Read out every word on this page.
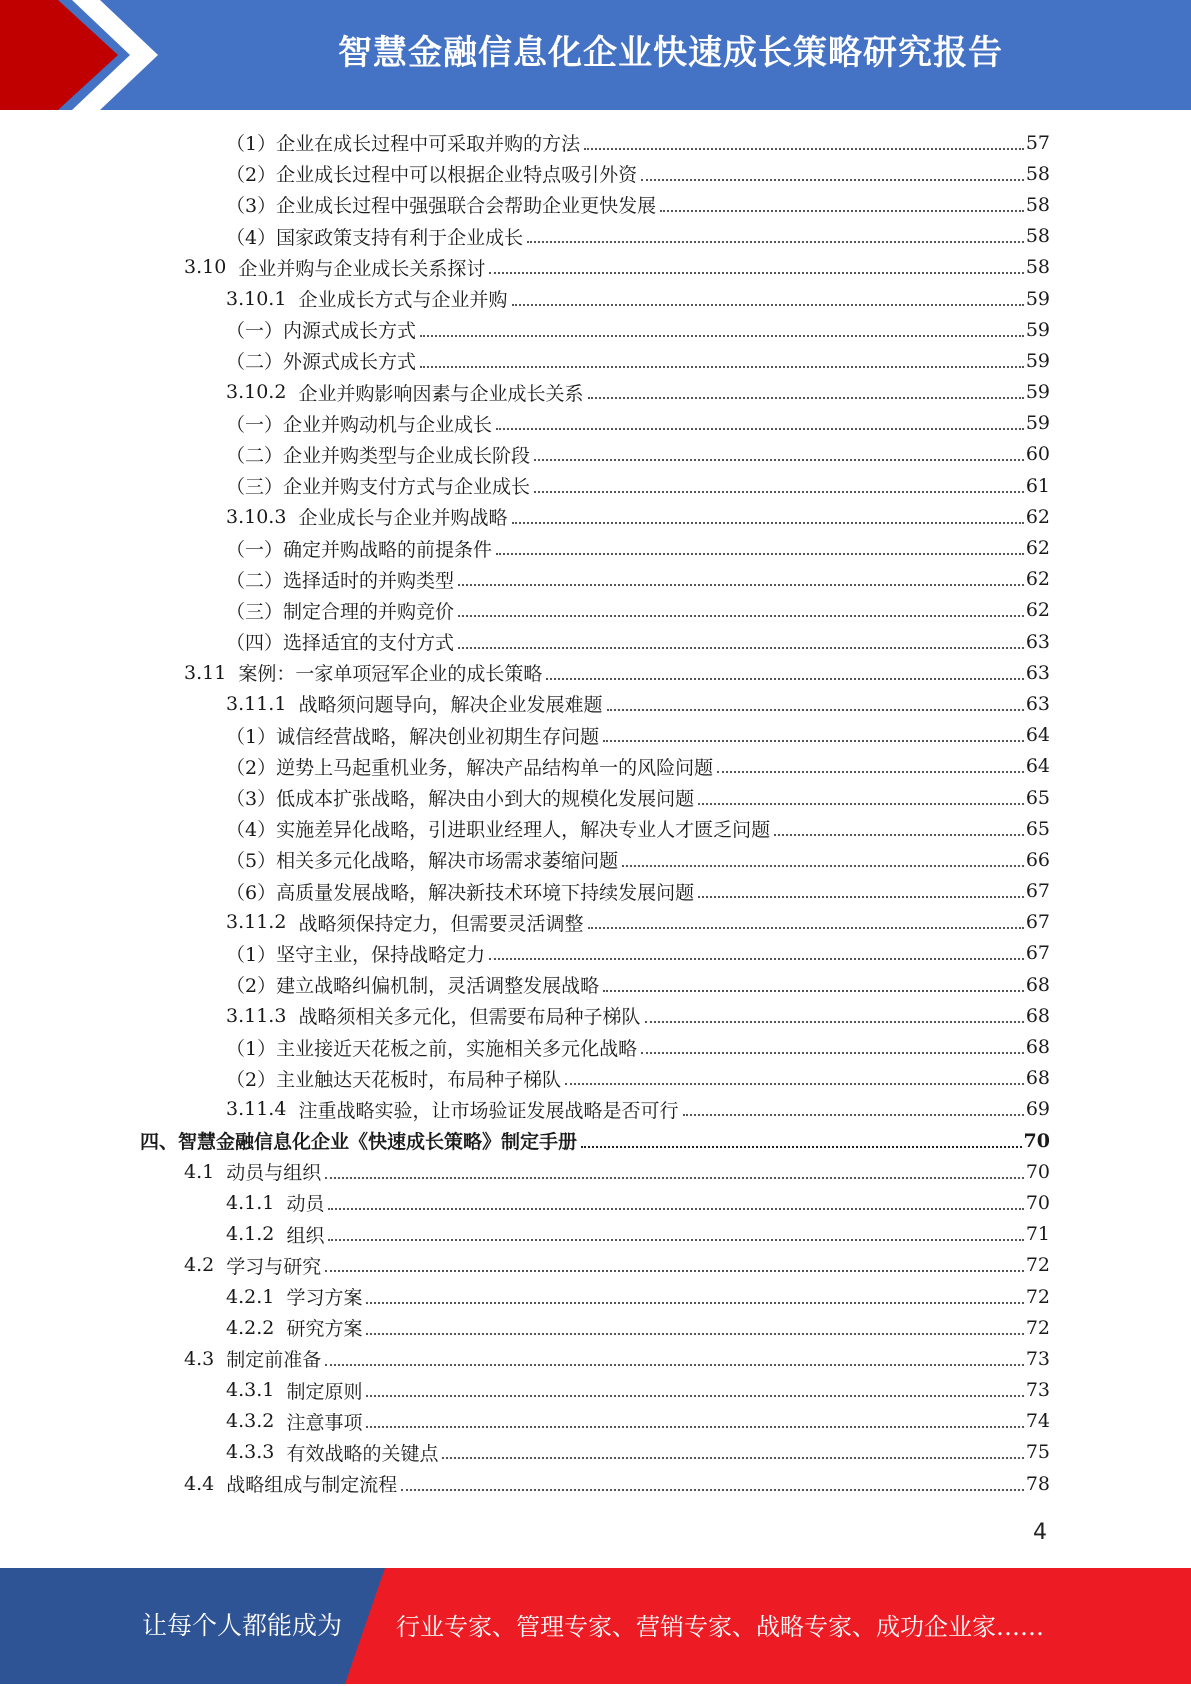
智慧金融信息化企业快速成长策略研究报告
（1） 企业在成长过程中可采取并购的方法	57
（2） 企业成长过程中可以根据企业特点吸引外资	58
（3） 企业成长过程中强强联合会帮助企业更快发展	58
（4） 国家政策支持有利于企业成长	58
3.10 企业并购与企业成长关系探讨	58
3.10.1 企业成长方式与企业并购	59
（一） 内源式成长方式	59
（二） 外源式成长方式	59
3.10.2 企业并购影响因素与企业成长关系	59
（一） 企业并购动机与企业成长	59
（二） 企业并购类型与企业成长阶段	60
（三） 企业并购支付方式与企业成长	61
3.10.3 企业成长与企业并购战略	62
（一） 确定并购战略的前提条件	62
（二） 选择适时的并购类型	62
（三） 制定合理的并购竞价	62
（四） 选择适宜的支付方式	63
3.11 案例：一家单项冠军企业的成长策略	63
3.11.1 战略须问题导向，解决企业发展难题	63
（1） 诚信经营战略，解决创业初期生存问题	64
（2） 逆势上马起重机业务，解决产品结构单一的风险问题	64
（3） 低成本扩张战略，解决由小到大的规模化发展问题	65
（4） 实施差异化战略，引进职业经理人，解决专业人才匮乏问题	65
（5） 相关多元化战略，解决市场需求萎缩问题	66
（6） 高质量发展战略，解决新技术环境下持续发展问题	67
3.11.2 战略须保持定力，但需要灵活调整	67
（1） 坚守主业，保持战略定力	67
（2） 建立战略纠偏机制，灵活调整发展战略	68
3.11.3 战略须相关多元化，但需要布局种子梯队	68
（1） 主业接近天花板之前，实施相关多元化战略	68
（2） 主业触达天花板时，布局种子梯队	68
3.11.4 注重战略实验，让市场验证发展战略是否可行	69
四、 智慧金融信息化企业《快速成长策略》制定手册	70
4.1 动员与组织	70
4.1.1 动员	70
4.1.2 组织	71
4.2 学习与研究	72
4.2.1 学习方案	72
4.2.2 研究方案	72
4.3 制定前准备	73
4.3.1 制定原则	73
4.3.2 注意事项	74
4.3.3 有效战略的关键点	75
4.4 战略组成与制定流程	78
4
让每个人都能成为 行业专家、管理专家、营销专家、战略专家、成功企业家……
